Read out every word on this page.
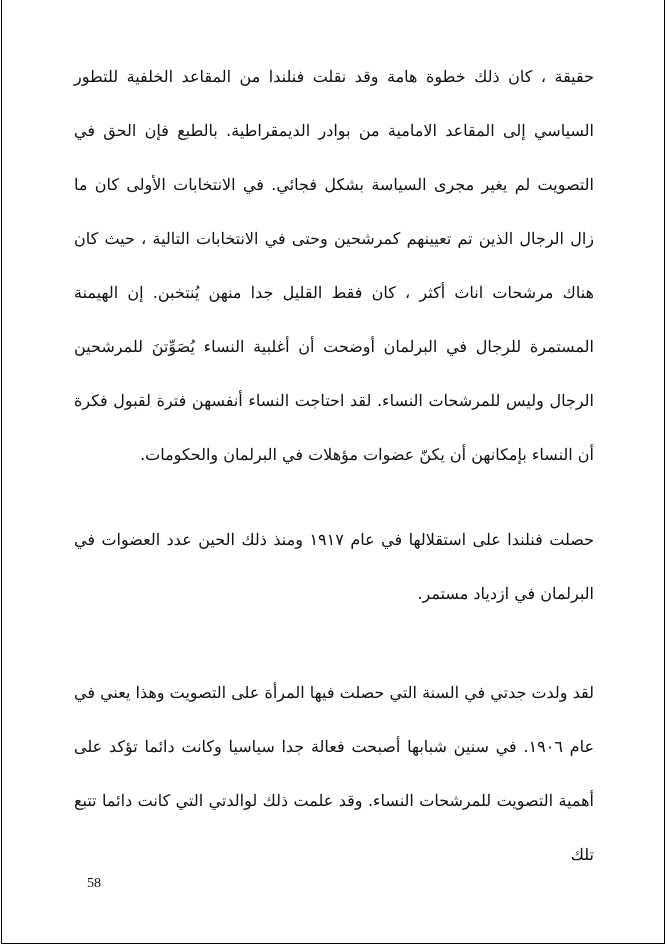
حقيقة ، كان ذلك خطوة هامة وقد نقلت فنلندا من المقاعد الخلفية للتطور السياسي إلى المقاعد الامامية من بوادر الديمقراطية. بالطبع فإن الحق في التصويت لم يغير مجرى السياسة بشكل فجائي. في الانتخابات الأولى كان ما زال الرجال الذين تم تعيينهم كمرشحين وحتى في الانتخابات التالية ، حيث كان هناك مرشحات اناث أكثر ، كان فقط القليل جدا منهن يُنتخبن. إن الهيمنة المستمرة للرجال في البرلمان أوضحت أن أغلبية النساء يُصَوِّتنَ للمرشحين الرجال وليس للمرشحات النساء. لقد احتاجت النساء أنفسهن فترة لقبول فكرة أن النساء بإمكانهن أن يكنّ عضوات مؤهلات في البرلمان والحكومات.

حصلت فنلندا على استقلالها في عام ١٩١٧ ومنذ ذلك الحين عدد العضوات في البرلمان في ازدياد مستمر.

لقد ولدت جدتي في السنة التي حصلت فيها المرأة على التصويت وهذا يعني في عام ١٩٠٦. في سنين شبابها أصبحت فعالة جدا سياسيا وكانت دائما تؤكد على أهمية التصويت للمرشحات النساء. وقد علمت ذلك لوالدتي التي كانت دائما تتبع تلك

58
